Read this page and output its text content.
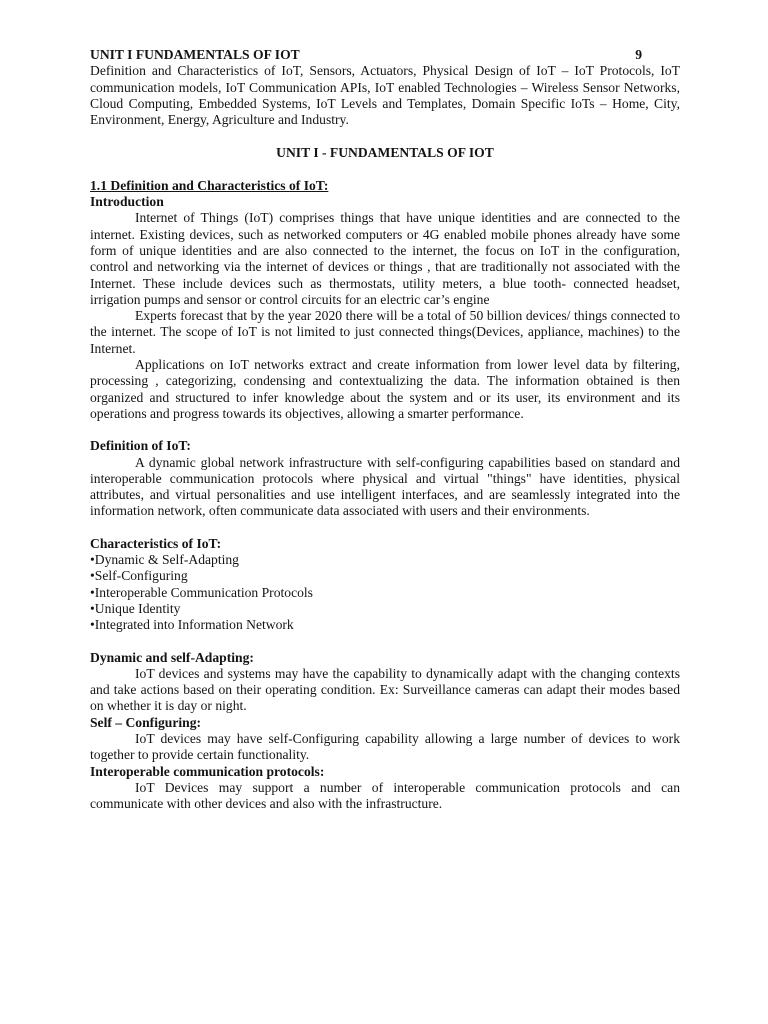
UNIT I FUNDAMENTALS OF IOT	9

Definition and Characteristics of IoT, Sensors, Actuators, Physical Design of IoT – IoT Protocols, IoT communication models, IoT Communication APIs, IoT enabled Technologies – Wireless Sensor Networks, Cloud Computing, Embedded Systems, IoT Levels and Templates, Domain Specific IoTs – Home, City, Environment, Energy, Agriculture and Industry.

UNIT I - FUNDAMENTALS OF IOT

1.1 Definition and Characteristics of IoT:

Introduction

Internet of Things (IoT) comprises things that have unique identities and are connected to the internet. Existing devices, such as networked computers or 4G enabled mobile phones already have some form of unique identities and are also connected to the internet, the focus on IoT in the configuration, control and networking via the internet of devices or things , that are traditionally not associated with the Internet. These include devices such as thermostats, utility meters, a blue tooth- connected headset, irrigation pumps and sensor or control circuits for an electric car’s engine

Experts forecast that by the year 2020 there will be a total of 50 billion devices/ things connected to the internet. The scope of IoT is not limited to just connected things(Devices, appliance, machines) to the Internet.

Applications on IoT networks extract and create information from lower level data by filtering, processing , categorizing, condensing and contextualizing the data. The information obtained is then organized and structured to infer knowledge about the system and or its user, its environment and its operations and progress towards its objectives, allowing a smarter performance.

Definition of IoT:

A dynamic global network infrastructure with self-configuring capabilities based on standard and interoperable communication protocols where physical and virtual "things" have identities, physical attributes, and virtual personalities and use intelligent interfaces, and are seamlessly integrated into the information network, often communicate data associated with users and their environments.

Characteristics of IoT:

• Dynamic & Self-Adapting
• Self-Configuring
• Interoperable Communication Protocols
• Unique Identity
• Integrated into Information Network

Dynamic and self-Adapting:

IoT devices and systems may have the capability to dynamically adapt with the changing contexts and take actions based on their operating condition. Ex: Surveillance cameras can adapt their modes based on whether it is day or night.

Self – Configuring:

IoT devices may have self-Configuring capability allowing a large number of devices to work together to provide certain functionality.

Interoperable communication protocols:

IoT Devices may support a number of interoperable communication protocols and can communicate with other devices and also with the infrastructure.
